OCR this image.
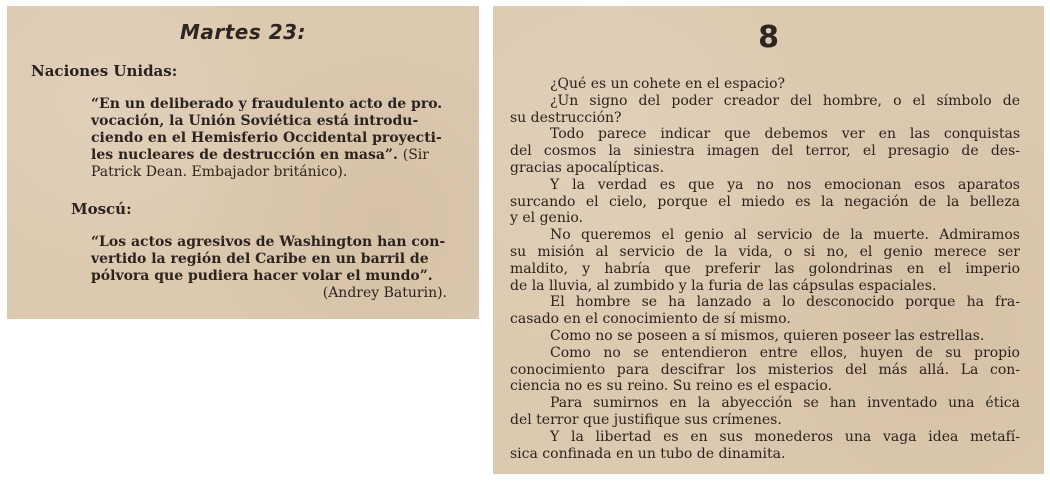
Martes 23:
Naciones Unidas:
“En un deliberado y fraudulento acto de pro.
vocación, la Unión Soviética está introdu-
ciendo en el Hemisferio Occidental proyecti-
les nucleares de destrucción en masa”. (Sir
Patrick Dean. Embajador británico).
Moscú:
“Los actos agresivos de Washington han con-
vertido la región del Caribe en un barril de
pólvora que pudiera hacer volar el mundo”.
(Andrey Baturin).
8
¿Qué es un cohete en el espacio?
¿Un signo del poder creador del hombre, o el símbolo de
su destrucción?
Todo parece indicar que debemos ver en las conquistas
del cosmos la siniestra imagen del terror, el presagio de des-
gracias apocalípticas.
Y la verdad es que ya no nos emocionan esos aparatos
surcando el cielo, porque el miedo es la negación de la belleza
y el genio.
No queremos el genio al servicio de la muerte. Admiramos
su misión al servicio de la vida, o si no, el genio merece ser
maldito, y habría que preferir las golondrinas en el imperio
de la lluvia, al zumbido y la furia de las cápsulas espaciales.
El hombre se ha lanzado a lo desconocido porque ha fra-
casado en el conocimiento de sí mismo.
Como no se poseen a sí mismos, quieren poseer las estrellas.
Como no se entendieron entre ellos, huyen de su propio
conocimiento para descifrar los misterios del más allá. La con-
ciencia no es su reino. Su reino es el espacio.
Para sumirnos en la abyección se han inventado una ética
del terror que justifique sus crímenes.
Y la libertad es en sus monederos una vaga idea metafí-
sica confinada en un tubo de dinamita.
